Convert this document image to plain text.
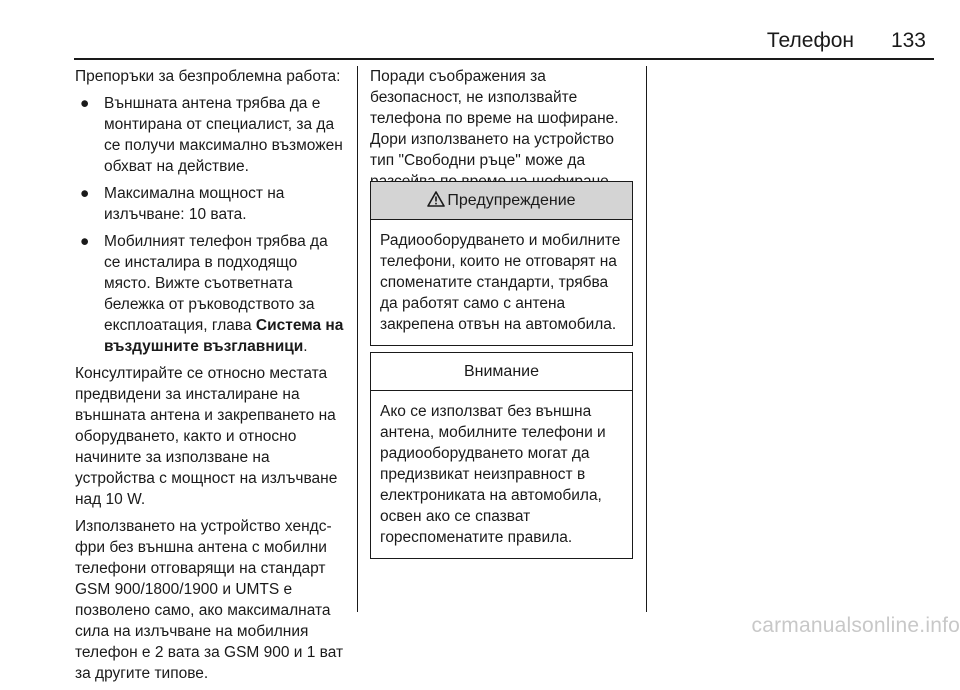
Телефон 133

Препоръки за безпроблемна работа:

● Външната антена трябва да е монтирана от специалист, за да се получи максимално възможен обхват на действие.
● Максимална мощност на излъчване: 10 вата.
● Мобилният телефон трябва да се инсталира в подходящо място. Вижте съответната бележка от ръководството за експлоатация, глава Система на въздушните възглавници.

Консултирайте се относно местата предвидени за инсталиране на външната антена и закрепването на оборудването, както и относно начините за използване на устройства с мощност на излъчване над 10 W.

Използването на устройство хендс-фри без външна антена с мобилни телефони отговарящи на стандарт GSM 900/1800/1900 и UMTS е позволено само, ако максималната сила на излъчване на мобилния телефон е 2 вата за GSM 900 и 1 ват за другите типове.

Поради съображения за безопасност, не използвайте телефона по време на шофиране. Дори използването на устройство тип "Свободни ръце" може да

Предупреждение
Радиооборудването и мобилните телефони, които не отговарят на споменатите стандарти, трябва да работят само с антена закрепена отвън на автомобила.
Внимание
Ако се използват без външна антена, мобилните телефони и радиооборудването могат да предизвикат неизправност в електрониката на автомобила, освен ако се спазват гореспоменатите правила.
carmanualsonline.info
